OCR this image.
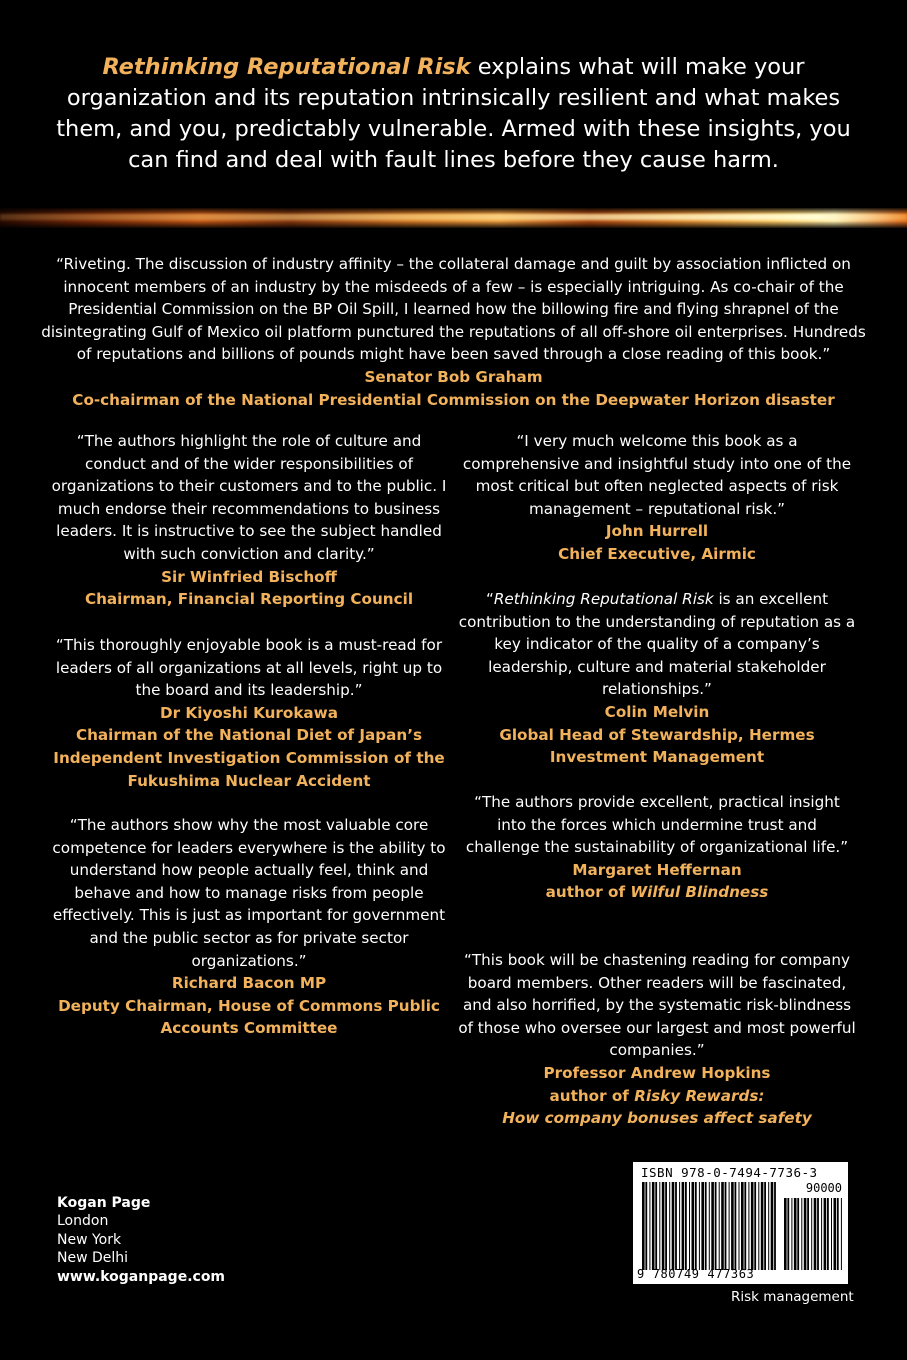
Rethinking Reputational Risk explains what will make your organization and its reputation intrinsically resilient and what makes them, and you, predictably vulnerable. Armed with these insights, you can find and deal with fault lines before they cause harm.
“Riveting. The discussion of industry affinity – the collateral damage and guilt by association inflicted on innocent members of an industry by the misdeeds of a few – is especially intriguing. As co-chair of the Presidential Commission on the BP Oil Spill, I learned how the billowing fire and flying shrapnel of the disintegrating Gulf of Mexico oil platform punctured the reputations of all off-shore oil enterprises. Hundreds of reputations and billions of pounds might have been saved through a close reading of this book.”
Senator Bob Graham
Co-chairman of the National Presidential Commission on the Deepwater Horizon disaster
“The authors highlight the role of culture and conduct and of the wider responsibilities of organizations to their customers and to the public. I much endorse their recommendations to business leaders. It is instructive to see the subject handled with such conviction and clarity.”
Sir Winfried Bischoff
Chairman, Financial Reporting Council
“This thoroughly enjoyable book is a must-read for leaders of all organizations at all levels, right up to the board and its leadership.”
Dr Kiyoshi Kurokawa
Chairman of the National Diet of Japan’s Independent Investigation Commission of the Fukushima Nuclear Accident
“The authors show why the most valuable core competence for leaders everywhere is the ability to understand how people actually feel, think and behave and how to manage risks from people effectively. This is just as important for government and the public sector as for private sector organizations.”
Richard Bacon MP
Deputy Chairman, House of Commons Public Accounts Committee
“I very much welcome this book as a comprehensive and insightful study into one of the most critical but often neglected aspects of risk management – reputational risk.”
John Hurrell
Chief Executive, Airmic
“Rethinking Reputational Risk is an excellent contribution to the understanding of reputation as a key indicator of the quality of a company’s leadership, culture and material stakeholder relationships.”
Colin Melvin
Global Head of Stewardship, Hermes Investment Management
“The authors provide excellent, practical insight into the forces which undermine trust and challenge the sustainability of organizational life.”
Margaret Heffernan
author of Wilful Blindness
“This book will be chastening reading for company board members. Other readers will be fascinated, and also horrified, by the systematic risk-blindness of those who oversee our largest and most powerful companies.”
Professor Andrew Hopkins
author of Risky Rewards:
How company bonuses affect safety
Kogan Page
London
New York
New Delhi
www.koganpage.com
ISBN 978-0-7494-7736-3
90000
9 780749 477363
Risk management
